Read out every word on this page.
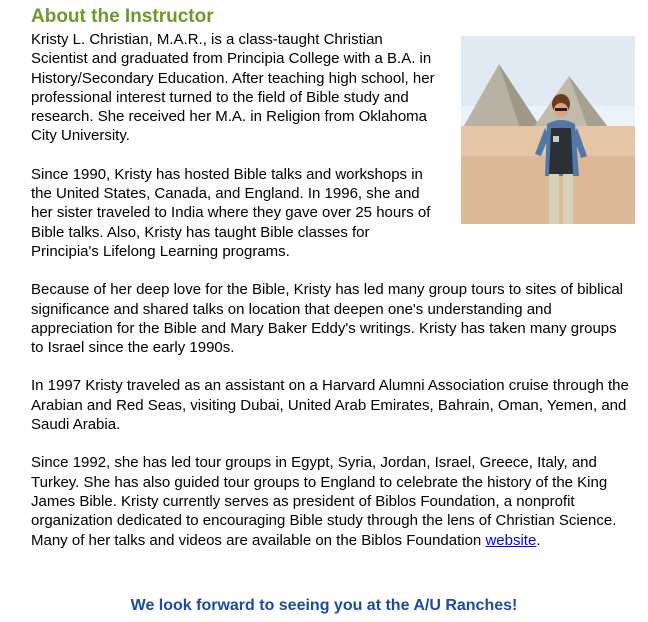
About the Instructor

Kristy L. Christian, M.A.R., is a class-taught Christian Scientist and graduated from Principia College with a B.A. in History/Secondary Education. After teaching high school, her professional interest turned to the field of Bible study and research. She received her M.A. in Religion from Oklahoma City University.

Since 1990, Kristy has hosted Bible talks and workshops in the United States, Canada, and England. In 1996, she and her sister traveled to India where they gave over 25 hours of Bible talks. Also, Kristy has taught Bible classes for Principia's Lifelong Learning programs.

Because of her deep love for the Bible, Kristy has led many group tours to sites of biblical significance and shared talks on location that deepen one's understanding and appreciation for the Bible and Mary Baker Eddy's writings. Kristy has taken many groups to Israel since the early 1990s.

In 1997 Kristy traveled as an assistant on a Harvard Alumni Association cruise through the Arabian and Red Seas, visiting Dubai, United Arab Emirates, Bahrain, Oman, Yemen, and Saudi Arabia.

Since 1992, she has led tour groups in Egypt, Syria, Jordan, Israel, Greece, Italy, and Turkey. She has also guided tour groups to England to celebrate the history of the King James Bible. Kristy currently serves as president of Biblos Foundation, a nonprofit organization dedicated to encouraging Bible study through the lens of Christian Science. Many of her talks and videos are available on the Biblos Foundation website.

We look forward to seeing you at the A/U Ranches!
